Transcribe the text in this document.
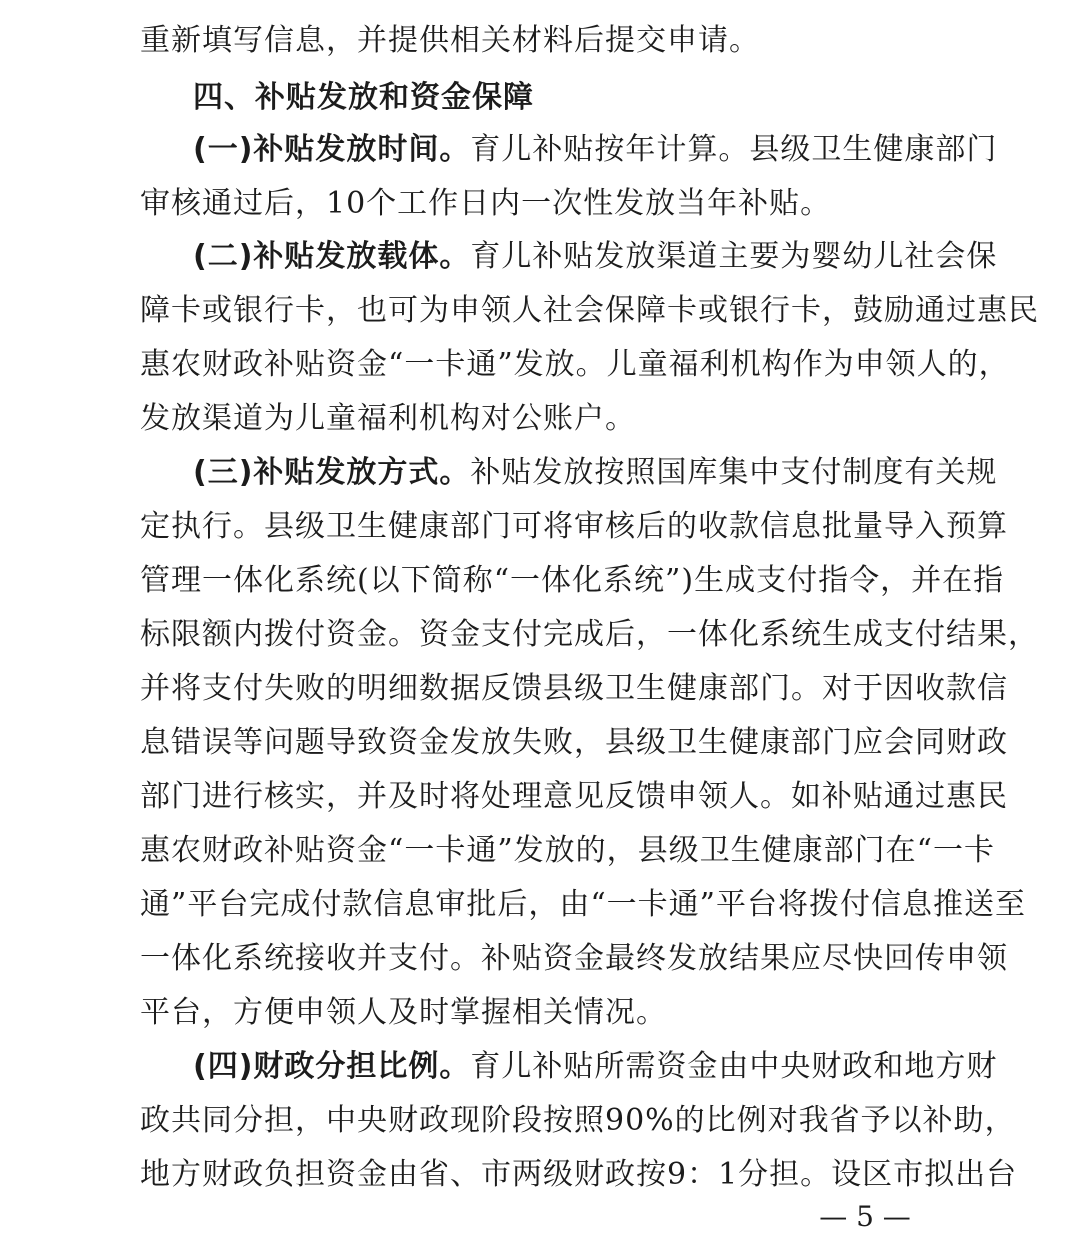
重新填写信息，并提供相关材料后提交申请。
四、补贴发放和资金保障
(一)补贴发放时间。育儿补贴按年计算。县级卫生健康部门
审核通过后，10个工作日内一次性发放当年补贴。
(二)补贴发放载体。育儿补贴发放渠道主要为婴幼儿社会保
障卡或银行卡，也可为申领人社会保障卡或银行卡，鼓励通过惠民
惠农财政补贴资金“一卡通”发放。儿童福利机构作为申领人的，
发放渠道为儿童福利机构对公账户。
(三)补贴发放方式。补贴发放按照国库集中支付制度有关规
定执行。县级卫生健康部门可将审核后的收款信息批量导入预算
管理一体化系统(以下简称“一体化系统”)生成支付指令，并在指
标限额内拨付资金。资金支付完成后，一体化系统生成支付结果，
并将支付失败的明细数据反馈县级卫生健康部门。对于因收款信
息错误等问题导致资金发放失败，县级卫生健康部门应会同财政
部门进行核实，并及时将处理意见反馈申领人。如补贴通过惠民
惠农财政补贴资金“一卡通”发放的，县级卫生健康部门在“一卡
通”平台完成付款信息审批后，由“一卡通”平台将拨付信息推送至
一体化系统接收并支付。补贴资金最终发放结果应尽快回传申领
平台，方便申领人及时掌握相关情况。
(四)财政分担比例。育儿补贴所需资金由中央财政和地方财
政共同分担，中央财政现阶段按照90%的比例对我省予以补助，
地方财政负担资金由省、市两级财政按9：1分担。设区市拟出台
— 5 —
